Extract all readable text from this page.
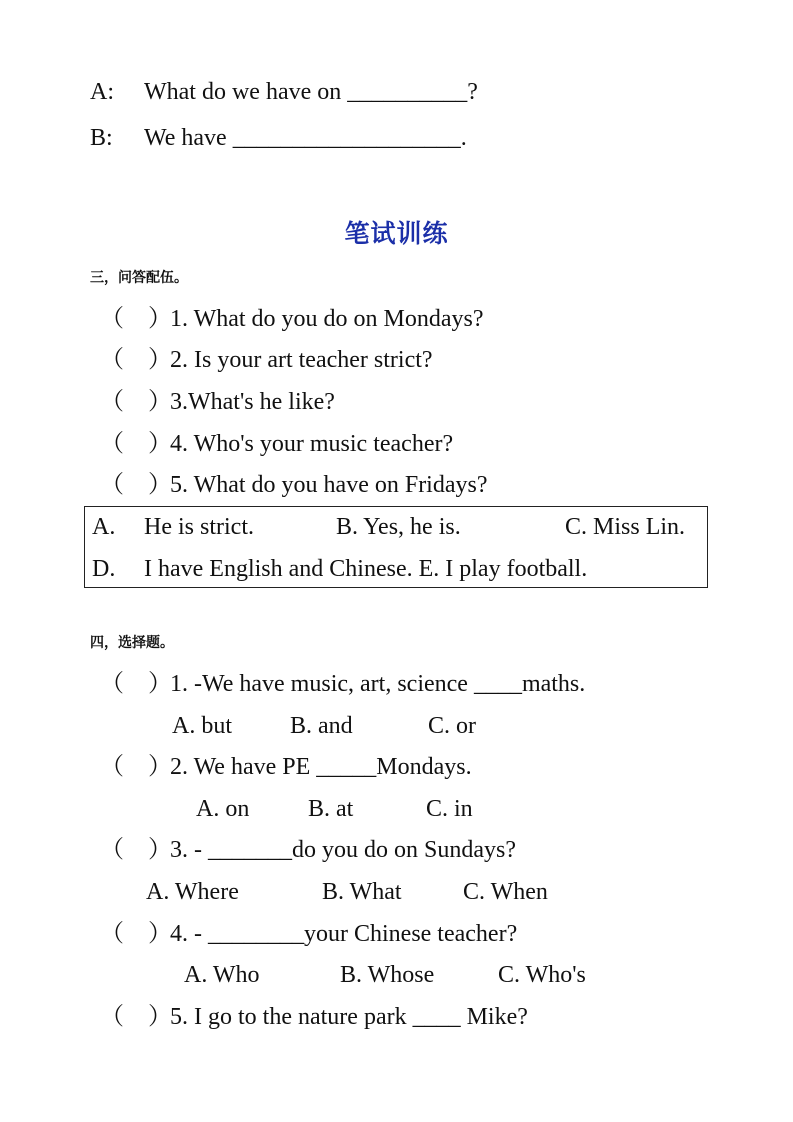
A: What do we have on __________?
B: We have ___________________.
笔试训练
三，问答配伍。
（　）
1. What do you do on Mondays?
（　）
2. Is your art teacher strict?
（　）
3.What's he like?
（　）
4. Who's your music teacher?
（　）
5. What do you have on Fridays?
A. He is strict.	B. Yes, he is.	C. Miss Lin.
D. I have English and Chinese. E. I play football.
四，选择题。
（　）
1. -We have music, art, science ____maths.
A. but B. and	C. or
（　）
2. We have PE _____Mondays.
A. on B. at	C. in
（　）
3. - _______do you do on Sundays?
A. Where	B. What	C. When
（　）
4. - ________your Chinese teacher?
A. Who	B. Whose	C. Who's
（　）
5. I go to the nature park ____ Mike?
